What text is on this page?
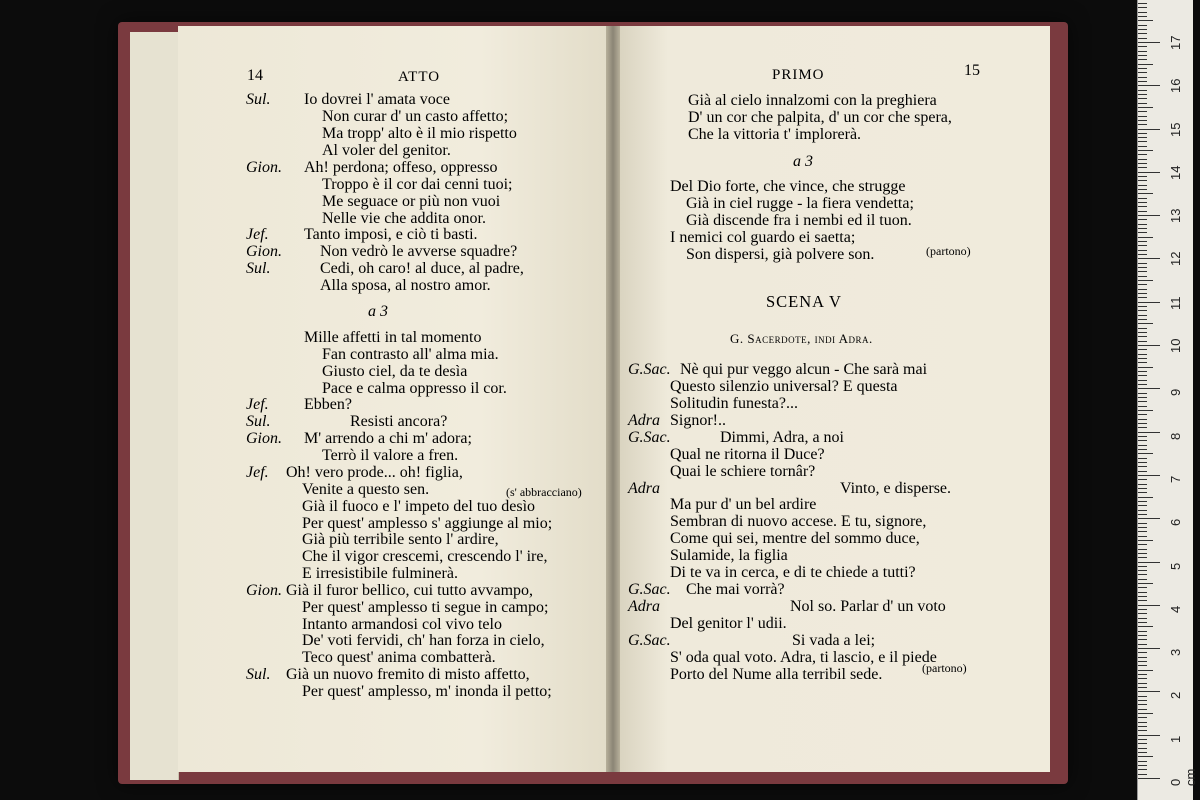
14	ATTO	PRIMO	15
Sul. Io dovrei l' amata voce
Non curar d' un casto affetto;
Ma tropp' alto è il mio rispetto
Al voler del genitor.
Gion. Ah! perdona; offeso, oppresso
Troppo è il cor dai cenni tuoi;
Me seguace or più non vuoi
Nelle vie che addita onor.
Jef. Tanto imposi, e ciò ti basti.
Gion. Non vedrò le avverse squadre?
Sul.	Cedi, oh caro! al duce, al padre,
Alla sposa, al nostro amor.
a 3
Mille affetti in tal momento
Fan contrasto all' alma mia.
Giusto ciel, da te desìa
Pace e calma oppresso il cor.
Jef. Ebben?
Sul.	Resisti ancora?
Gion. M' arrendo a chi m' adora;
Terrò il valore a fren.
Jef. Oh! vero prode... oh! figlia,
Venite a questo sen.
Già il fuoco e l' impeto del tuo desìo
Per quest' amplesso s' aggiunge al mio;
Già più terribile sento l' ardire,
Che il vigor crescemi, crescendo l' ire,
E irresistibile fulminerà.
Gion. Già il furor bellico, cui tutto avvampo,
Per quest' amplesso ti segue in campo;
Intanto armandosi col vivo telo
De' voti fervidi, ch' han forza in cielo,
Teco quest' anima combatterà.
Sul. Già un nuovo fremito di misto affetto,
Per quest' amplesso, m' inonda il petto;
Già al cielo innalzomi con la preghiera
D' un cor che palpita, d' un cor che spera,
Che la vittoria t' implorerà.
a 3
Del Dio forte, che vince, che strugge
Già in ciel rugge - la fiera vendetta;
Già discende fra i nembi ed il tuon.
I nemici col guardo ei saetta;
Son dispersi, già polvere son.
G.Sac. Nè qui pur veggo alcun - Che sarà mai
Questo silenzio universal? E questa
Solitudin funesta?...
Adra Signor!..
G.Sac.	Dimmi, Adra, a noi
Qual ne ritorna il Duce?
Quai le schiere tornâr?
Adra	Vinto, e disperse.
Ma pur d' un bel ardire
Sembran di nuovo accese. E tu, signore,
Come qui sei, mentre del sommo duce,
Sulamide, la figlia
Di te va in cerca, e di te chiede a tutti?
G.Sac. Che mai vorrà?
Adra	Nol so. Parlar d' un voto
Del genitor l' udii.
G.Sac.	Si vada a lei;
S' oda qual voto. Adra, ti lascio, e il piede
Porto del Nume alla terribil sede.
(s' abbracciano)
(partono)
SCENA V
G. Sacerdote, indi Adra.
(partono)
17
16
15
14
13
12
11
10
9
8
7
6
5
4
3
2
1
0 cm
